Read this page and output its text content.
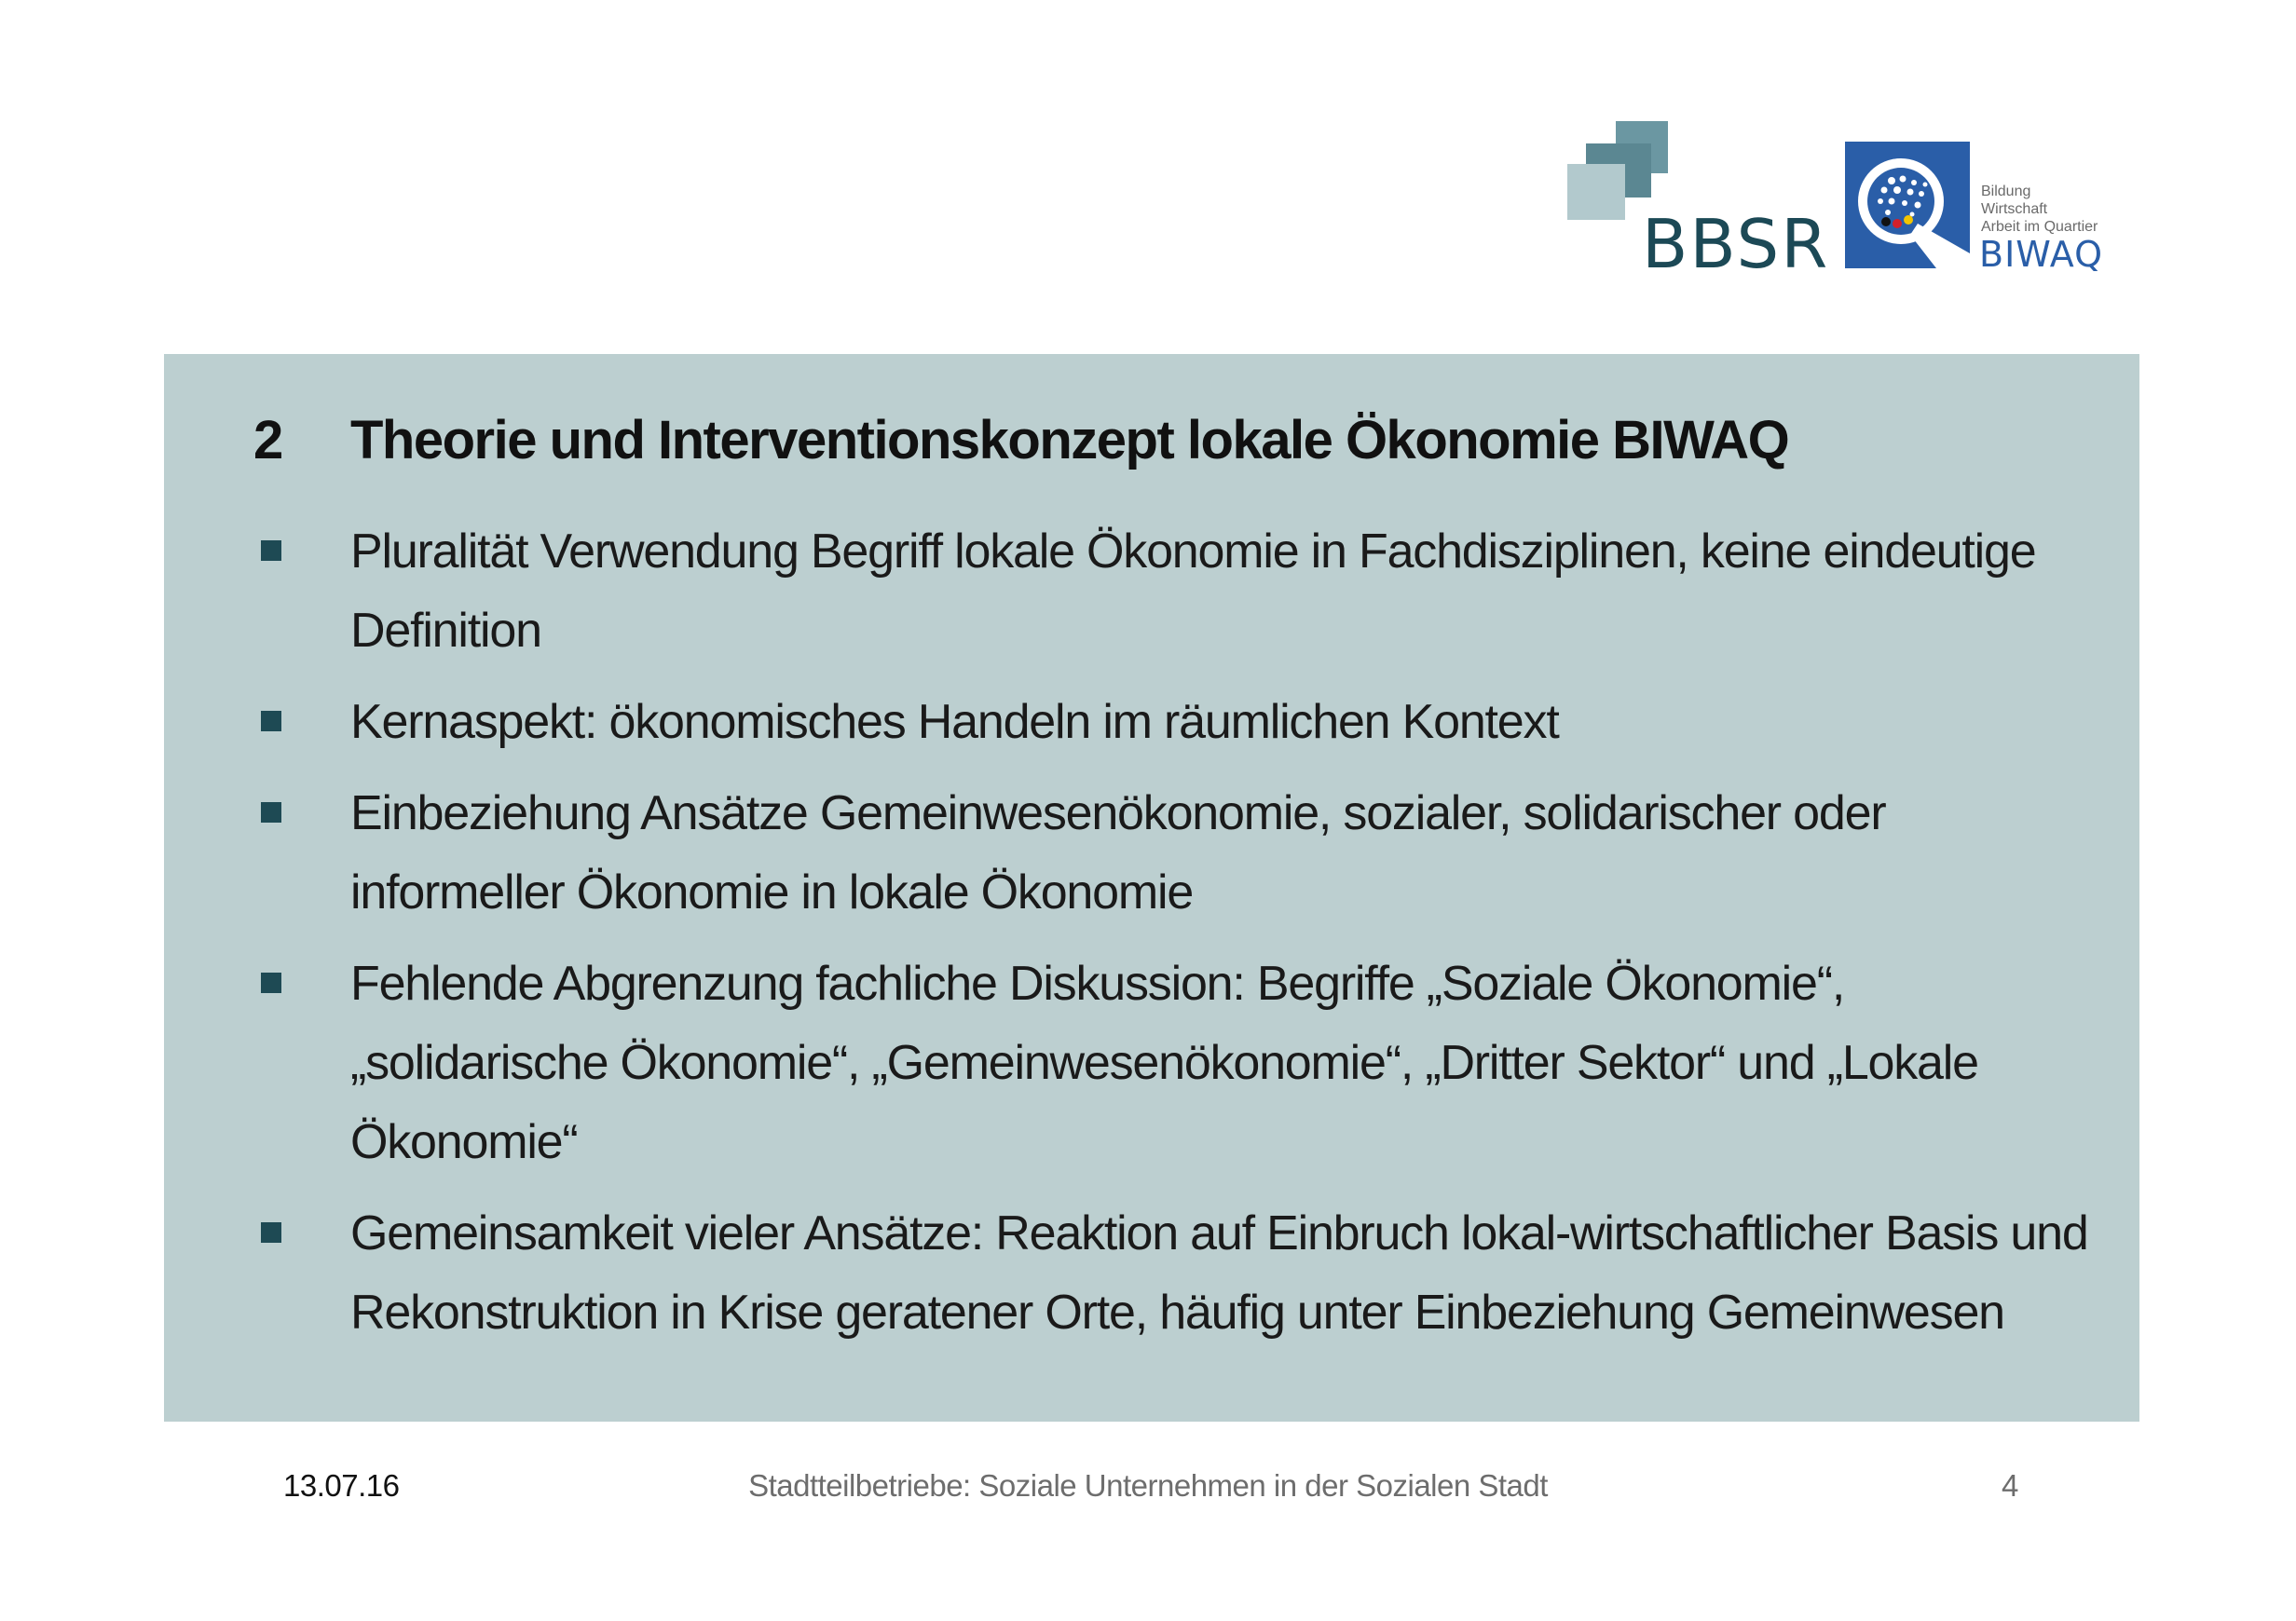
BBSR
Bildung
Wirtschaft
Arbeit im Quartier
BIWAQ
2 Theorie und Interventionskonzept lokale Ökonomie BIWAQ
Pluralität Verwendung Begriff lokale Ökonomie in Fachdisziplinen, keine eindeutige Definition
Kernaspekt: ökonomisches Handeln im räumlichen Kontext
Einbeziehung Ansätze Gemeinwesenökonomie, sozialer, solidarischer oder informeller Ökonomie in lokale Ökonomie
Fehlende Abgrenzung fachliche Diskussion: Begriffe „Soziale Ökonomie“, „solidarische Ökonomie“, „Gemeinwesenökonomie“, „Dritter Sektor“ und „Lokale Ökonomie“
Gemeinsamkeit vieler Ansätze: Reaktion auf Einbruch lokal-wirtschaftlicher Basis und Rekonstruktion in Krise geratener Orte, häufig unter Einbeziehung Gemeinwesen
13.07.16	Stadtteilbetriebe: Soziale Unternehmen in der Sozialen Stadt	4
